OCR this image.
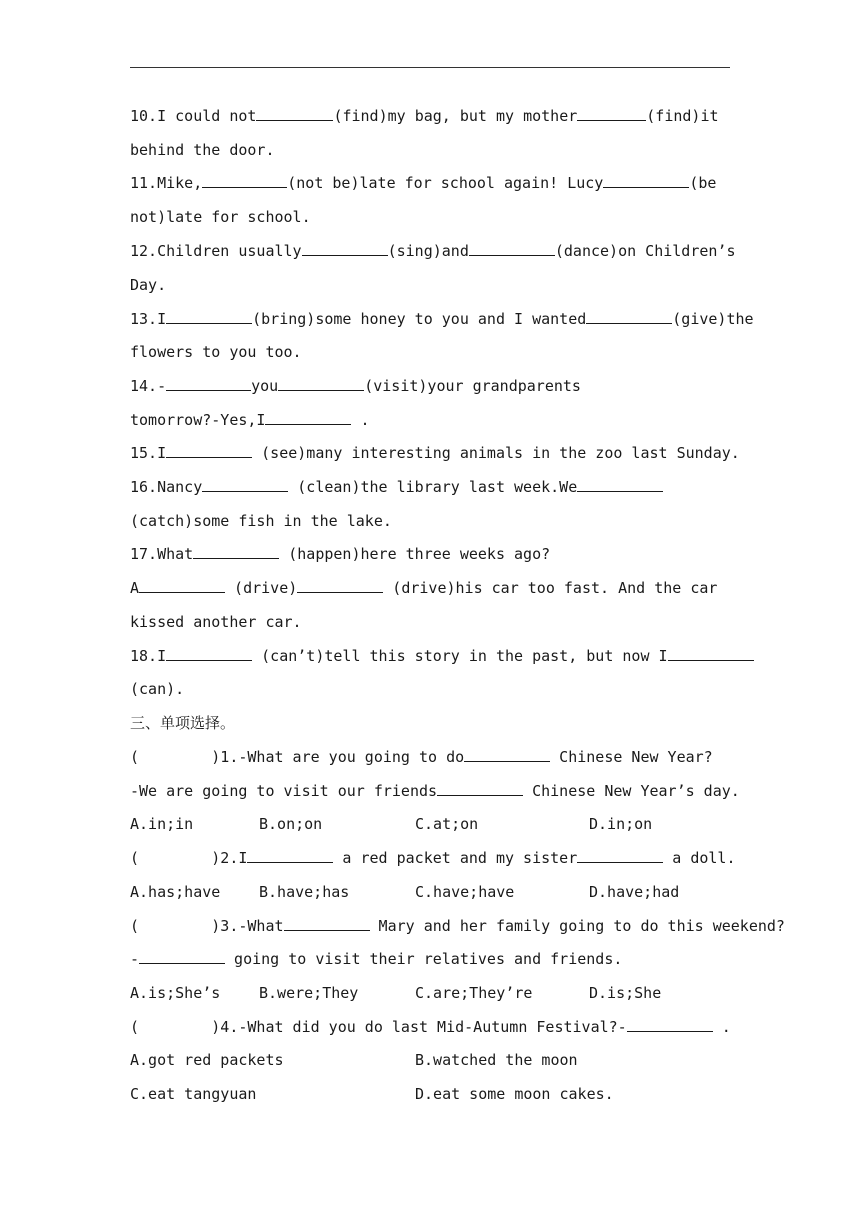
10.I could not	(find)my bag, but my mother	(find)it
behind the door.
11.Mike,	(not be)late for school again! Lucy	(be
not)late for school.
12.Children usually	(sing)and	(dance)on Children’s
Day.
13.I	(bring)some honey to you and I wanted	(give)the
flowers to you too.
14.-	you	(visit)your grandparents
tomorrow?-Yes,I	.
15.I	(see)many interesting animals in the zoo last Sunday.
16.Nancy	(clean)the library last week.We
(catch)some fish in the lake.
17.What	(happen)here three weeks ago?
A	(drive)	(drive)his car too fast. And the car
kissed another car.
18.I	(can’t)tell this story in the past, but now I
(can).
三、单项选择。
(        )1.-What are you going to do	Chinese New Year?
-We are going to visit our friends	Chinese New Year’s day.
A.in;in	B.on;on	C.at;on	D.in;on
(        )2.I	a red packet and my sister	a doll.
A.has;have	B.have;has	C.have;have	D.have;had
(        )3.-What	Mary and her family going to do this weekend?
-	going to visit their relatives and friends.
A.is;She’s	B.were;They	C.are;They’re	D.is;She
(        )4.-What did you do last Mid-Autumn Festival?-	.
A.got red packets	B.watched the moon
C.eat tangyuan	D.eat some moon cakes.
